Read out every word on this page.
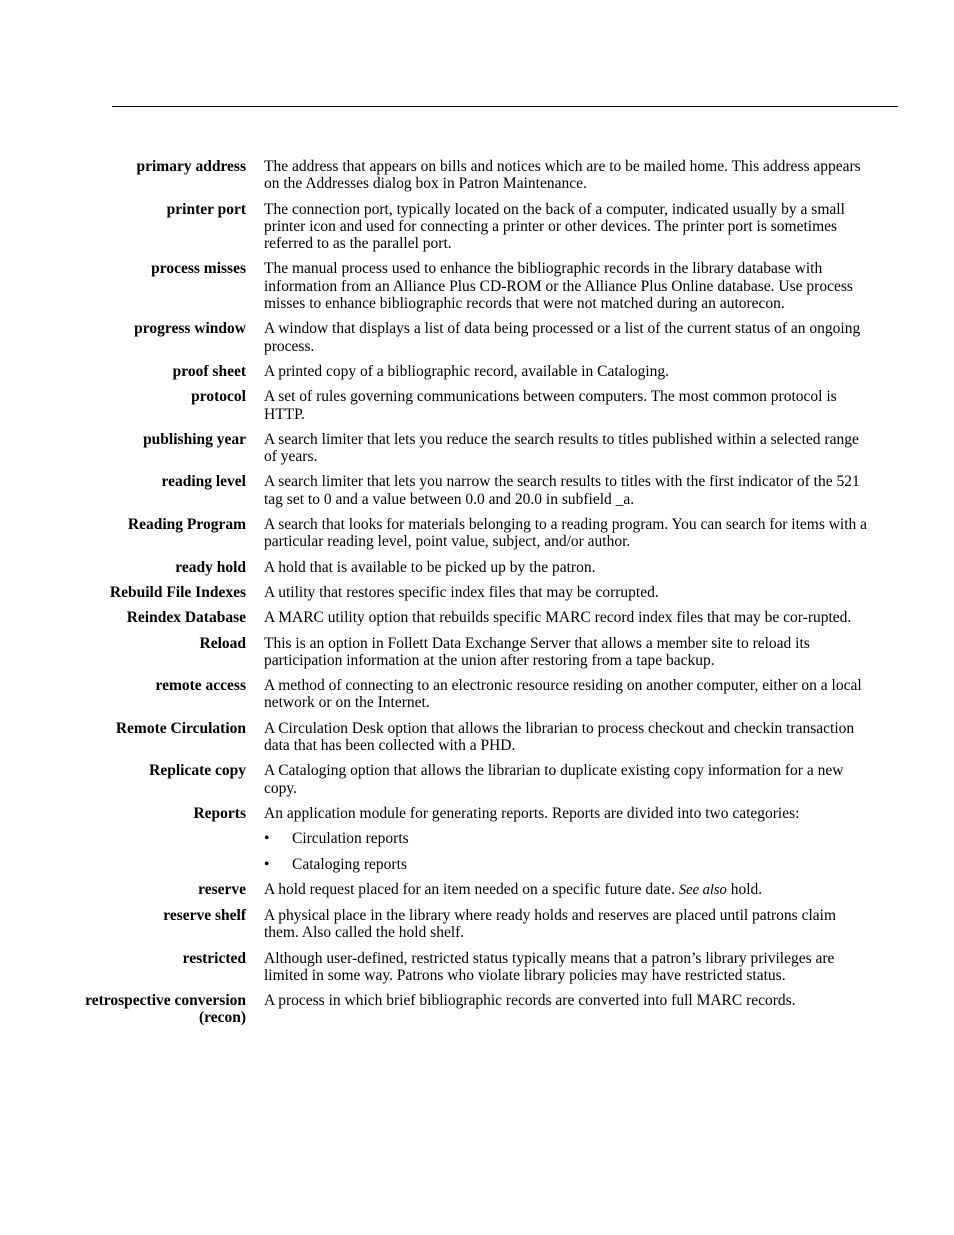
primary address The address that appears on bills and notices which are to be mailed home. This address appears on the Addresses dialog box in Patron Maintenance.
printer port The connection port, typically located on the back of a computer, indicated usually by a small printer icon and used for connecting a printer or other devices. The printer port is sometimes referred to as the parallel port.
process misses The manual process used to enhance the bibliographic records in the library database with information from an Alliance Plus CD-ROM or the Alliance Plus Online database. Use process misses to enhance bibliographic records that were not matched during an autorecon.
progress window A window that displays a list of data being processed or a list of the current status of an ongoing process.
proof sheet A printed copy of a bibliographic record, available in Cataloging.
protocol A set of rules governing communications between computers. The most common protocol is HTTP.
publishing year A search limiter that lets you reduce the search results to titles published within a selected range of years.
reading level A search limiter that lets you narrow the search results to titles with the first indicator of the 521 tag set to 0 and a value between 0.0 and 20.0 in subfield _a.
Reading Program A search that looks for materials belonging to a reading program. You can search for items with a particular reading level, point value, subject, and/or author.
ready hold A hold that is available to be picked up by the patron.
Rebuild File Indexes A utility that restores specific index files that may be corrupted.
Reindex Database A MARC utility option that rebuilds specific MARC record index files that may be cor-rupted.
Reload This is an option in Follett Data Exchange Server that allows a member site to reload its participation information at the union after restoring from a tape backup.
remote access A method of connecting to an electronic resource residing on another computer, either on a local network or on the Internet.
Remote Circulation A Circulation Desk option that allows the librarian to process checkout and checkin transaction data that has been collected with a PHD.
Replicate copy A Cataloging option that allows the librarian to duplicate existing copy information for a new copy.
Reports An application module for generating reports. Reports are divided into two categories:
• Circulation reports
• Cataloging reports
reserve A hold request placed for an item needed on a specific future date. See also hold.
reserve shelf A physical place in the library where ready holds and reserves are placed until patrons claim them. Also called the hold shelf.
restricted Although user-defined, restricted status typically means that a patron’s library privileges are limited in some way. Patrons who violate library policies may have restricted status.
retrospective conversion
(recon)
A process in which brief bibliographic records are converted into full MARC records.
